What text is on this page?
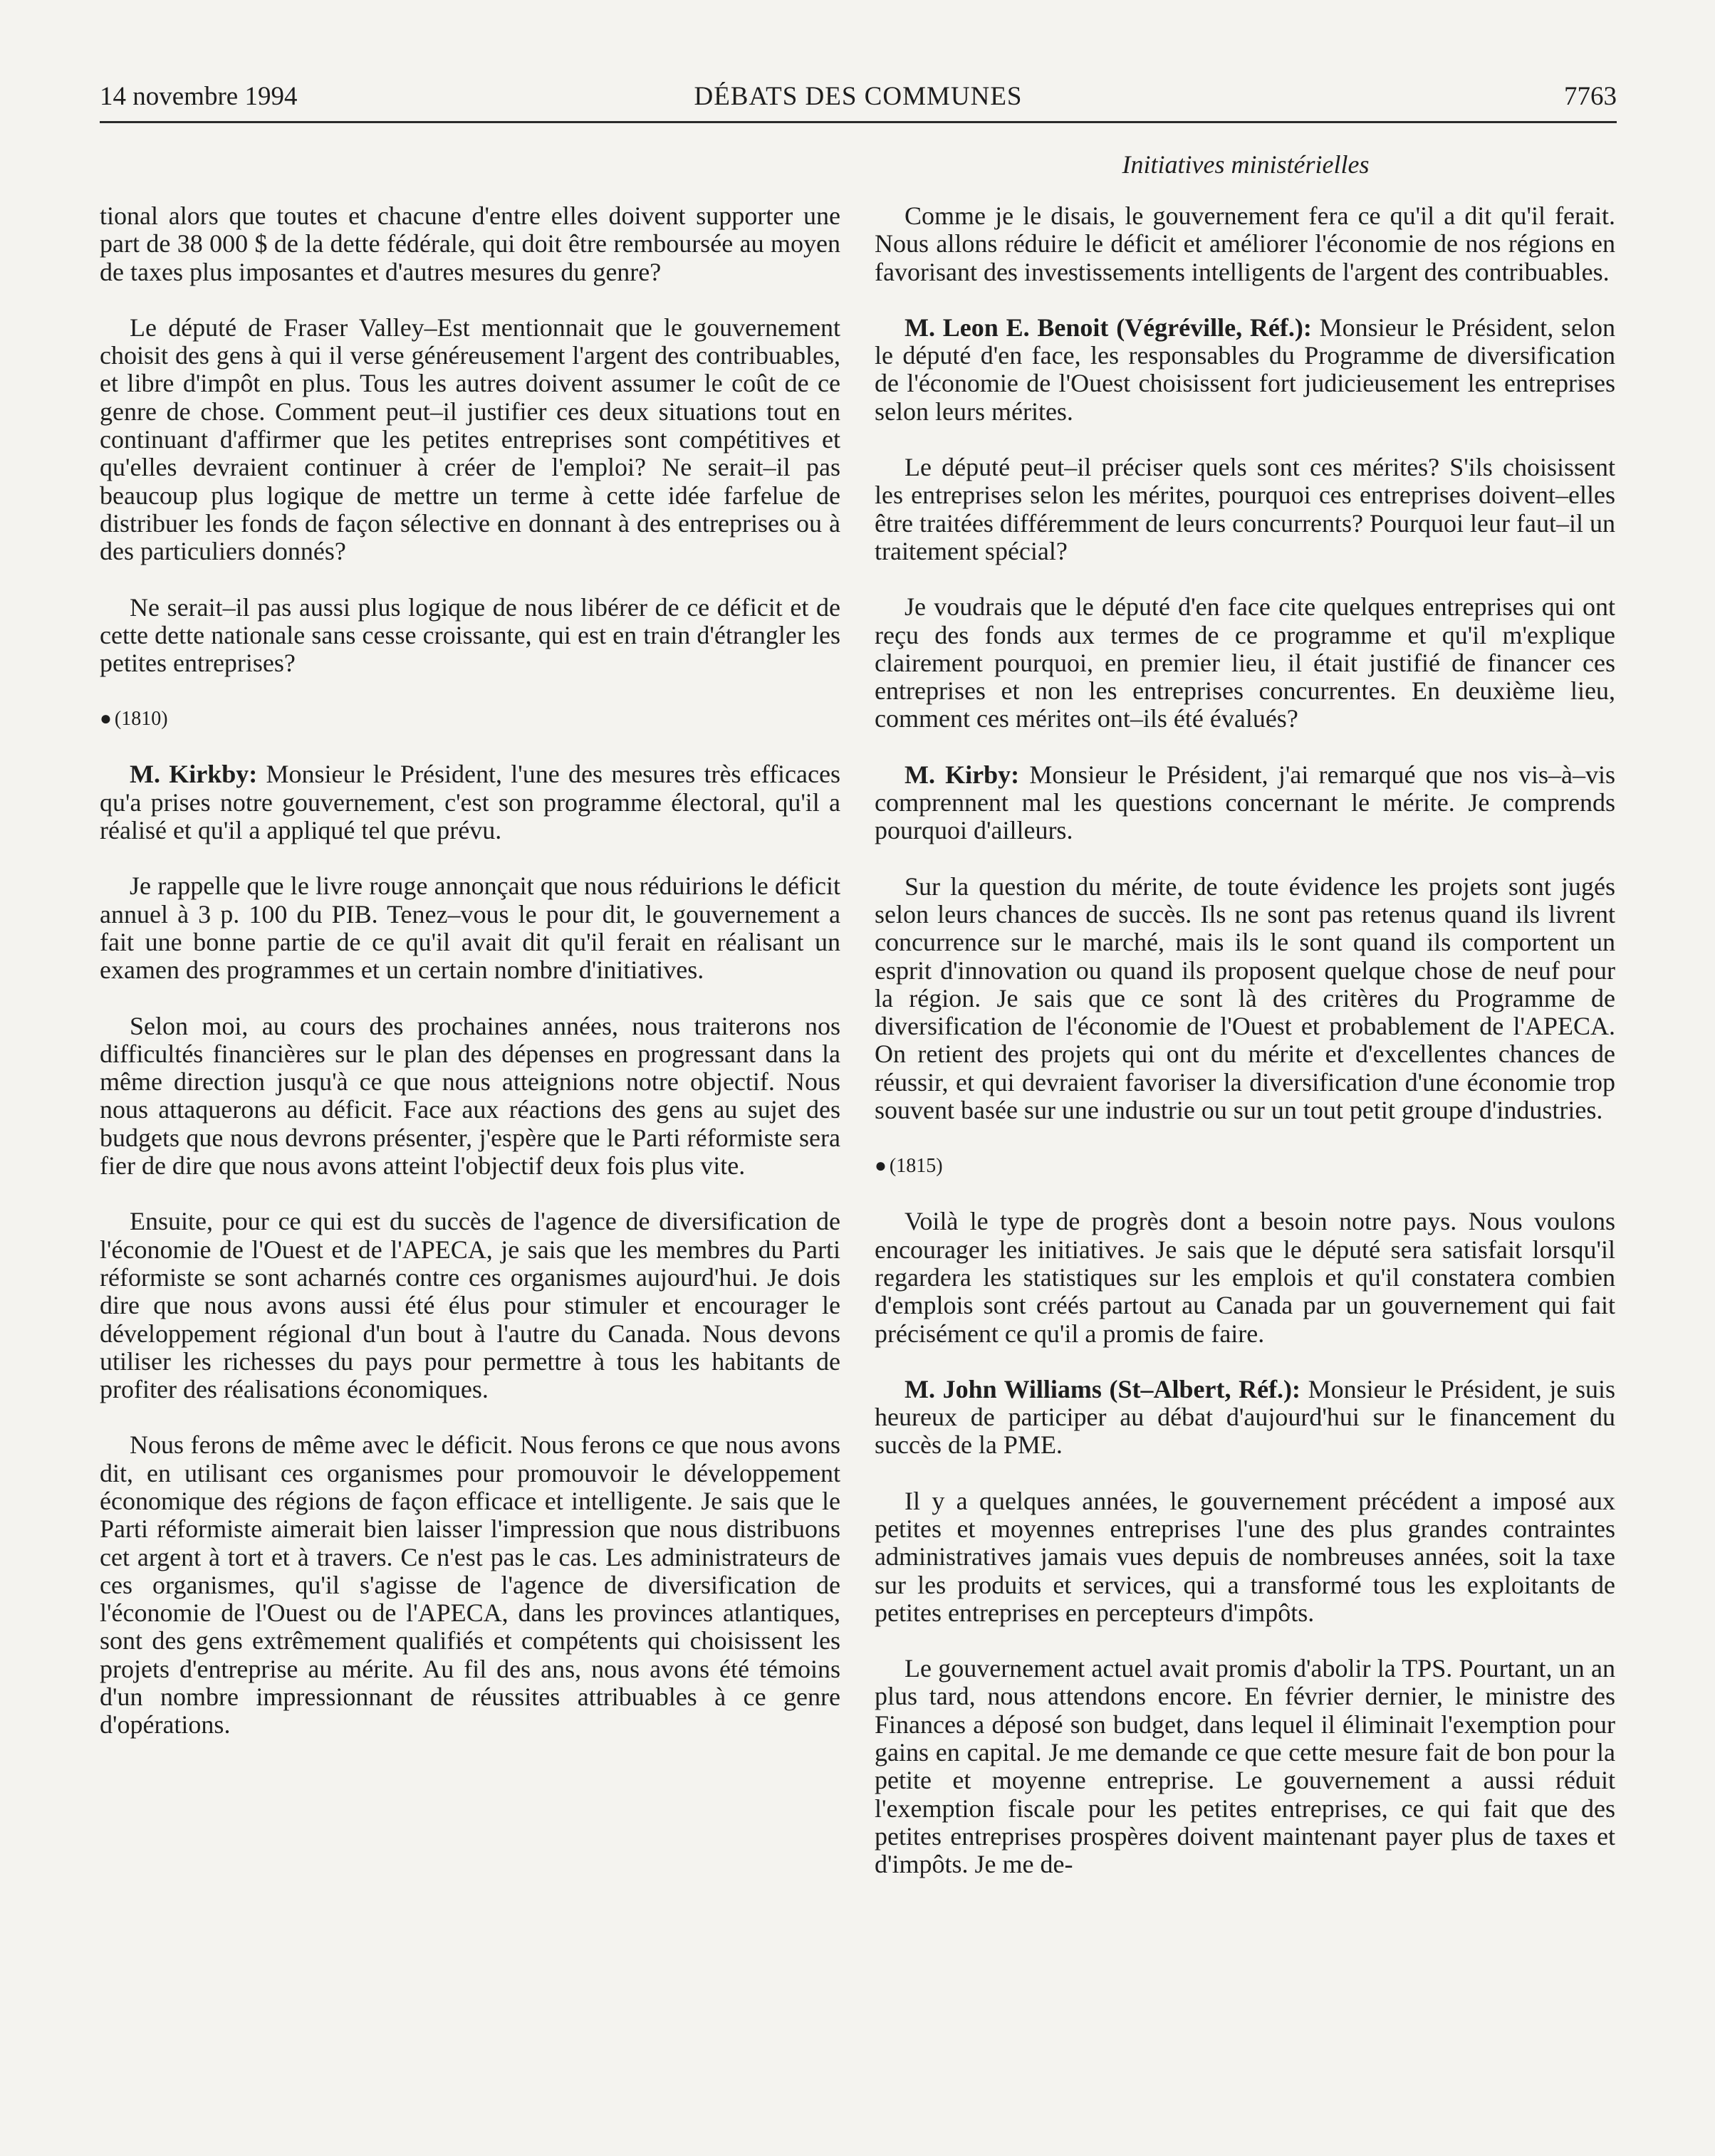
14 novembre 1994	DÉBATS DES COMMUNES	7763
Initiatives ministérielles

tional alors que toutes et chacune d'entre elles doivent supporter une part de 38 000 $ de la dette fédérale, qui doit être remboursée au moyen de taxes plus imposantes et d'autres mesures du genre?

Le député de Fraser Valley–Est mentionnait que le gouvernement choisit des gens à qui il verse généreusement l'argent des contribuables, et libre d'impôt en plus. Tous les autres doivent assumer le coût de ce genre de chose. Comment peut–il justifier ces deux situations tout en continuant d'affirmer que les petites entreprises sont compétitives et qu'elles devraient continuer à créer de l'emploi? Ne serait–il pas beaucoup plus logique de mettre un terme à cette idée farfelue de distribuer les fonds de façon sélective en donnant à des entreprises ou à des particuliers donnés?

Ne serait–il pas aussi plus logique de nous libérer de ce déficit et de cette dette nationale sans cesse croissante, qui est en train d'étrangler les petites entreprises?

● (1810)

M. Kirkby: Monsieur le Président, l'une des mesures très efficaces qu'a prises notre gouvernement, c'est son programme électoral, qu'il a réalisé et qu'il a appliqué tel que prévu.

Je rappelle que le livre rouge annonçait que nous réduirions le déficit annuel à 3 p. 100 du PIB. Tenez–vous le pour dit, le gouvernement a fait une bonne partie de ce qu'il avait dit qu'il ferait en réalisant un examen des programmes et un certain nombre d'initiatives.

Selon moi, au cours des prochaines années, nous traiterons nos difficultés financières sur le plan des dépenses en progressant dans la même direction jusqu'à ce que nous atteignions notre objectif. Nous nous attaquerons au déficit. Face aux réactions des gens au sujet des budgets que nous devrons présenter, j'espère que le Parti réformiste sera fier de dire que nous avons atteint l'objectif deux fois plus vite.

Ensuite, pour ce qui est du succès de l'agence de diversification de l'économie de l'Ouest et de l'APECA, je sais que les membres du Parti réformiste se sont acharnés contre ces organismes aujourd'hui. Je dois dire que nous avons aussi été élus pour stimuler et encourager le développement régional d'un bout à l'autre du Canada. Nous devons utiliser les richesses du pays pour permettre à tous les habitants de profiter des réalisations économiques.

Nous ferons de même avec le déficit. Nous ferons ce que nous avons dit, en utilisant ces organismes pour promouvoir le développement économique des régions de façon efficace et intelligente. Je sais que le Parti réformiste aimerait bien laisser l'impression que nous distribuons cet argent à tort et à travers. Ce n'est pas le cas. Les administrateurs de ces organismes, qu'il s'agisse de l'agence de diversification de l'économie de l'Ouest ou de l'APECA, dans les provinces atlantiques, sont des gens extrêmement qualifiés et compétents qui choisissent les projets d'entreprise au mérite. Au fil des ans, nous avons été témoins d'un nombre impressionnant de réussites attribuables à ce genre d'opérations.

Comme je le disais, le gouvernement fera ce qu'il a dit qu'il ferait. Nous allons réduire le déficit et améliorer l'économie de nos régions en favorisant des investissements intelligents de l'argent des contribuables.

M. Leon E. Benoit (Végréville, Réf.): Monsieur le Président, selon le député d'en face, les responsables du Programme de diversification de l'économie de l'Ouest choisissent fort judicieusement les entreprises selon leurs mérites.

Le député peut–il préciser quels sont ces mérites? S'ils choisissent les entreprises selon les mérites, pourquoi ces entreprises doivent–elles être traitées différemment de leurs concurrents? Pourquoi leur faut–il un traitement spécial?

Je voudrais que le député d'en face cite quelques entreprises qui ont reçu des fonds aux termes de ce programme et qu'il m'explique clairement pourquoi, en premier lieu, il était justifié de financer ces entreprises et non les entreprises concurrentes. En deuxième lieu, comment ces mérites ont–ils été évalués?

M. Kirby: Monsieur le Président, j'ai remarqué que nos vis–à–vis comprennent mal les questions concernant le mérite. Je comprends pourquoi d'ailleurs.

Sur la question du mérite, de toute évidence les projets sont jugés selon leurs chances de succès. Ils ne sont pas retenus quand ils livrent concurrence sur le marché, mais ils le sont quand ils comportent un esprit d'innovation ou quand ils proposent quelque chose de neuf pour la région. Je sais que ce sont là des critères du Programme de diversification de l'économie de l'Ouest et probablement de l'APECA. On retient des projets qui ont du mérite et d'excellentes chances de réussir, et qui devraient favoriser la diversification d'une économie trop souvent basée sur une industrie ou sur un tout petit groupe d'industries.

● (1815)

Voilà le type de progrès dont a besoin notre pays. Nous voulons encourager les initiatives. Je sais que le député sera satisfait lorsqu'il regardera les statistiques sur les emplois et qu'il constatera combien d'emplois sont créés partout au Canada par un gouvernement qui fait précisément ce qu'il a promis de faire.

M. John Williams (St–Albert, Réf.): Monsieur le Président, je suis heureux de participer au débat d'aujourd'hui sur le financement du succès de la PME.

Il y a quelques années, le gouvernement précédent a imposé aux petites et moyennes entreprises l'une des plus grandes contraintes administratives jamais vues depuis de nombreuses années, soit la taxe sur les produits et services, qui a transformé tous les exploitants de petites entreprises en percepteurs d'impôts.

Le gouvernement actuel avait promis d'abolir la TPS. Pourtant, un an plus tard, nous attendons encore. En février dernier, le ministre des Finances a déposé son budget, dans lequel il éliminait l'exemption pour gains en capital. Je me demande ce que cette mesure fait de bon pour la petite et moyenne entreprise. Le gouvernement a aussi réduit l'exemption fiscale pour les petites entreprises, ce qui fait que des petites entreprises prospères doivent maintenant payer plus de taxes et d'impôts. Je me de-
